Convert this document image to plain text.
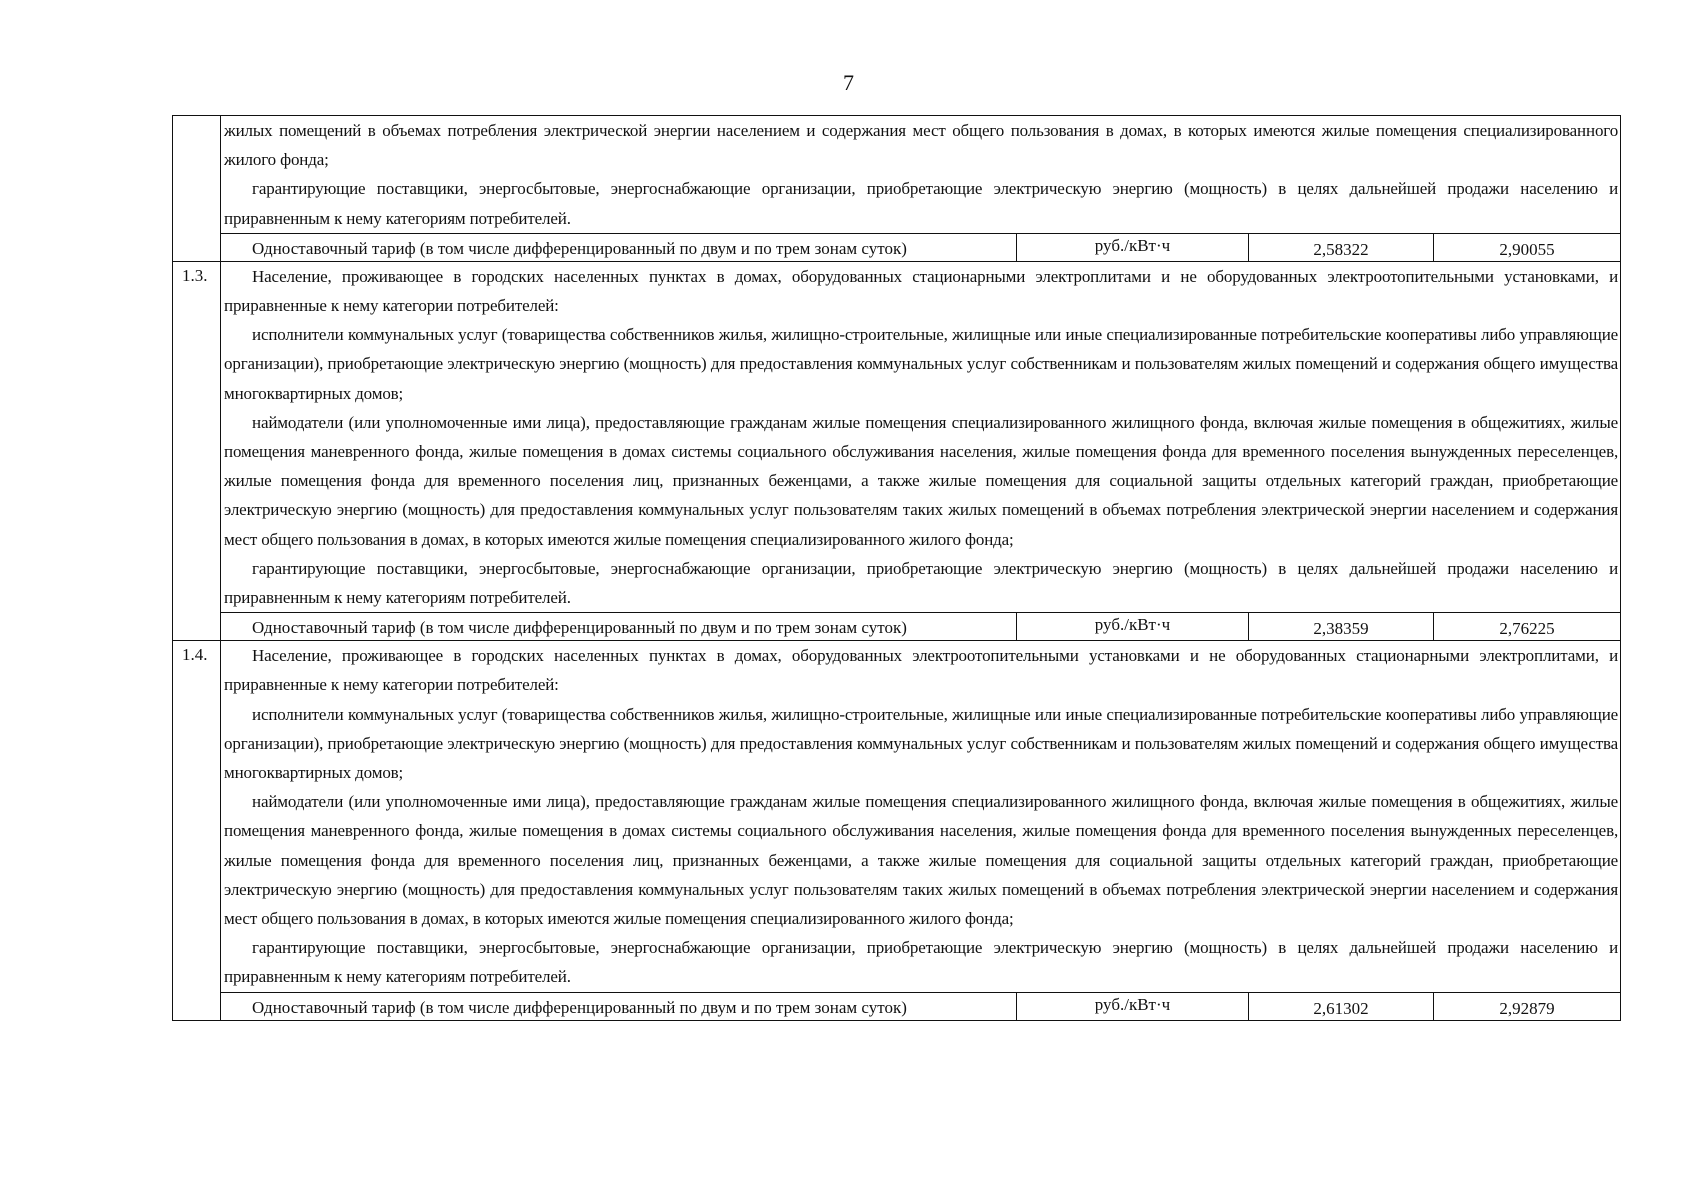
7

	жилых помещений в объемах потребления электрической энергии населением и содержания мест общего пользования в домах, в которых имеются жилые помещения специализированного жилого фонда;

гарантирующие поставщики, энергосбытовые, энергоснабжающие организации, приобретающие электрическую энергию (мощность) в целях дальнейшей продажи населению и приравненным к нему категориям потребителей.			

	Одноставочный тариф (в том числе дифференцированный по двум и по трем зонам суток)	руб./кВт·ч	2,58322	2,90055
1.3.	Население, проживающее в городских населенных пунктах в домах, оборудованных стационарными электроплитами и не оборудованных электроотопительными установками, и приравненные к нему категории потребителей:

исполнители коммунальных услуг (товарищества собственников жилья, жилищно-строительные, жилищные или иные специализированные потребительские кооперативы либо управляющие организации), приобретающие электрическую энергию (мощность) для предоставления коммунальных услуг собственникам и пользователям жилых помещений и содержания общего имущества многоквартирных домов;

наймодатели (или уполномоченные ими лица), предоставляющие гражданам жилые помещения специализированного жилищного фонда, включая жилые помещения в общежитиях, жилые помещения маневренного фонда, жилые помещения в домах системы социального обслуживания населения, жилые помещения фонда для временного поселения вынужденных переселенцев, жилые помещения фонда для временного поселения лиц, признанных беженцами, а также жилые помещения для социальной защиты отдельных категорий граждан, приобретающие электрическую энергию (мощность) для предоставления коммунальных услуг пользователям таких жилых помещений в объемах потребления электрической энергии населением и содержания мест общего пользования в домах, в которых имеются жилые помещения специализированного жилого фонда;

гарантирующие поставщики, энергосбытовые, энергоснабжающие организации, приобретающие электрическую энергию (мощность) в целях дальнейшей продажи населению и приравненным к нему категориям потребителей.			

	Одноставочный тариф (в том числе дифференцированный по двум и по трем зонам суток)	руб./кВт·ч	2,38359	2,76225
1.4.	Население, проживающее в городских населенных пунктах в домах, оборудованных электроотопительными установками и не оборудованных стационарными электроплитами, и приравненные к нему категории потребителей:

исполнители коммунальных услуг (товарищества собственников жилья, жилищно-строительные, жилищные или иные специализированные потребительские кооперативы либо управляющие организации), приобретающие электрическую энергию (мощность) для предоставления коммунальных услуг собственникам и пользователям жилых помещений и содержания общего имущества многоквартирных домов;

наймодатели (или уполномоченные ими лица), предоставляющие гражданам жилые помещения специализированного жилищного фонда, включая жилые помещения в общежитиях, жилые помещения маневренного фонда, жилые помещения в домах системы социального обслуживания населения, жилые помещения фонда для временного поселения вынужденных переселенцев, жилые помещения фонда для временного поселения лиц, признанных беженцами, а также жилые помещения для социальной защиты отдельных категорий граждан, приобретающие электрическую энергию (мощность) для предоставления коммунальных услуг пользователям таких жилых помещений в объемах потребления электрической энергии населением и содержания мест общего пользования в домах, в которых имеются жилые помещения специализированного жилого фонда;

гарантирующие поставщики, энергосбытовые, энергоснабжающие организации, приобретающие электрическую энергию (мощность) в целях дальнейшей продажи населению и приравненным к нему категориям потребителей.			

	Одноставочный тариф (в том числе дифференцированный по двум и по трем зонам суток)	руб./кВт·ч	2,61302	2,92879
